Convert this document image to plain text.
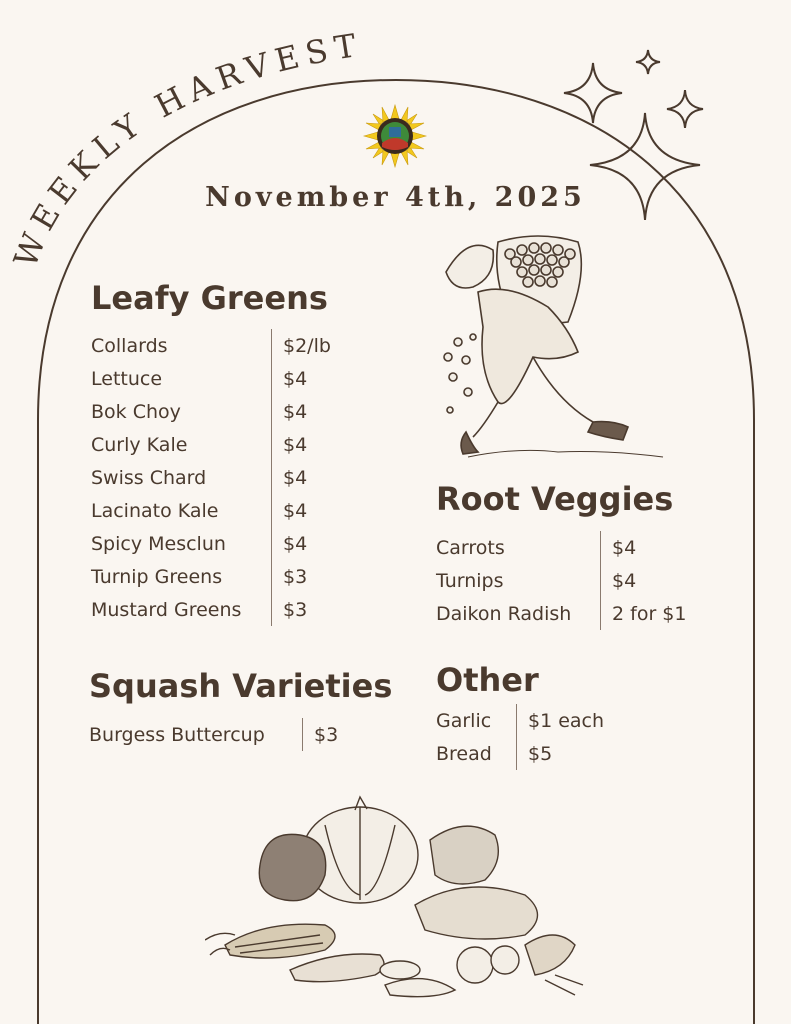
WEEKLY HARVEST
November 4th, 2025
Leafy Greens
Collards	$2/lb
Lettuce	$4
Bok Choy	$4
Curly Kale	$4
Swiss Chard	$4
Lacinato Kale	$4
Spicy Mesclun	$4
Turnip Greens	$3
Mustard Greens	$3
Root Veggies
Carrots	$4
Turnips	$4
Daikon Radish	2 for $1
Squash Varieties
Burgess Buttercup	$3
Other
Garlic	$1 each
Bread	$5
